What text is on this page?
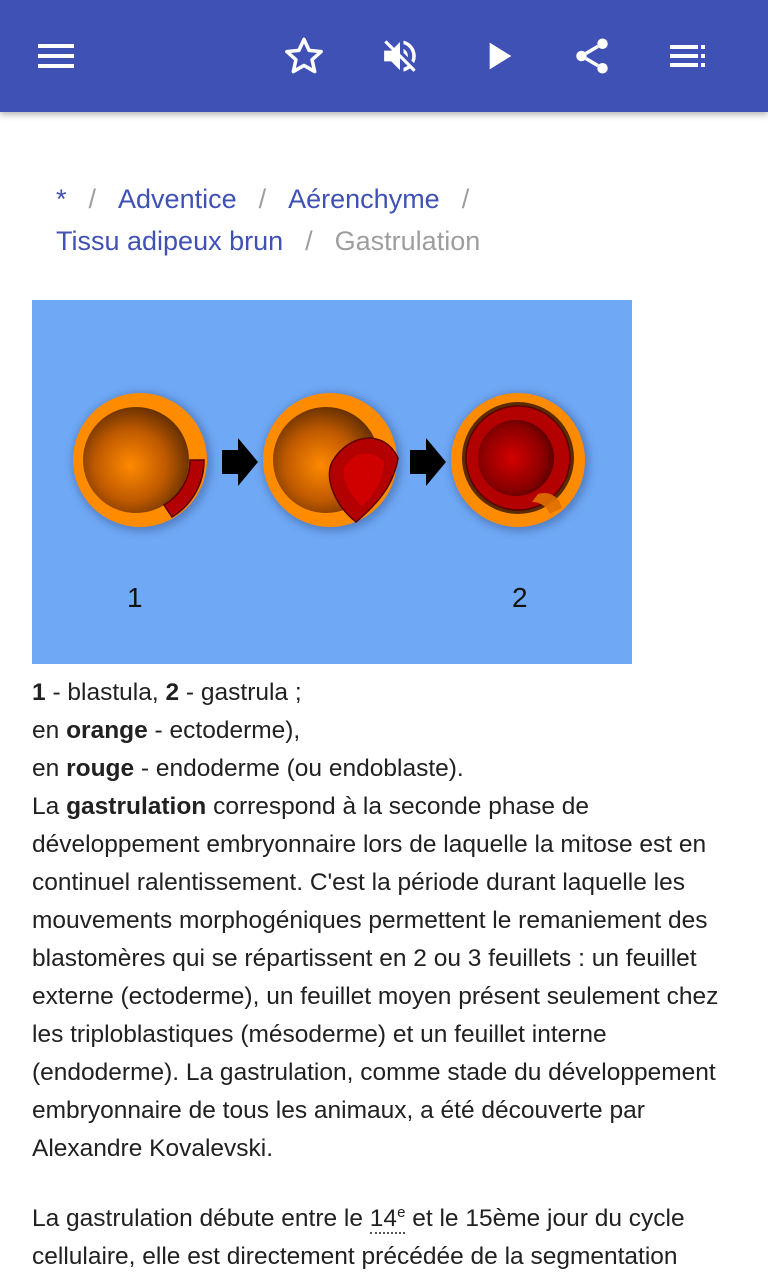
* / Adventice / Aérenchyme /
Tissu adipeux brun / Gastrulation
1	2

1 - blastula, 2 - gastrula ;
en orange - ectoderme),
en rouge - endoderme (ou endoblaste).
La gastrulation correspond à la seconde phase de développement embryonnaire lors de laquelle la mitose est en continuel ralentissement. C'est la période durant laquelle les mouvements morphogéniques permettent le remaniement des blastomères qui se répartissent en 2 ou 3 feuillets : un feuillet externe (ectoderme), un feuillet moyen présent seulement chez les triploblastiques (mésoderme) et un feuillet interne (endoderme). La gastrulation, comme stade du développement embryonnaire de tous les animaux, a été découverte par Alexandre Kovalevski.

La gastrulation débute entre le 14e et le 15ème jour du cycle cellulaire, elle est directement précédée de la segmentation
